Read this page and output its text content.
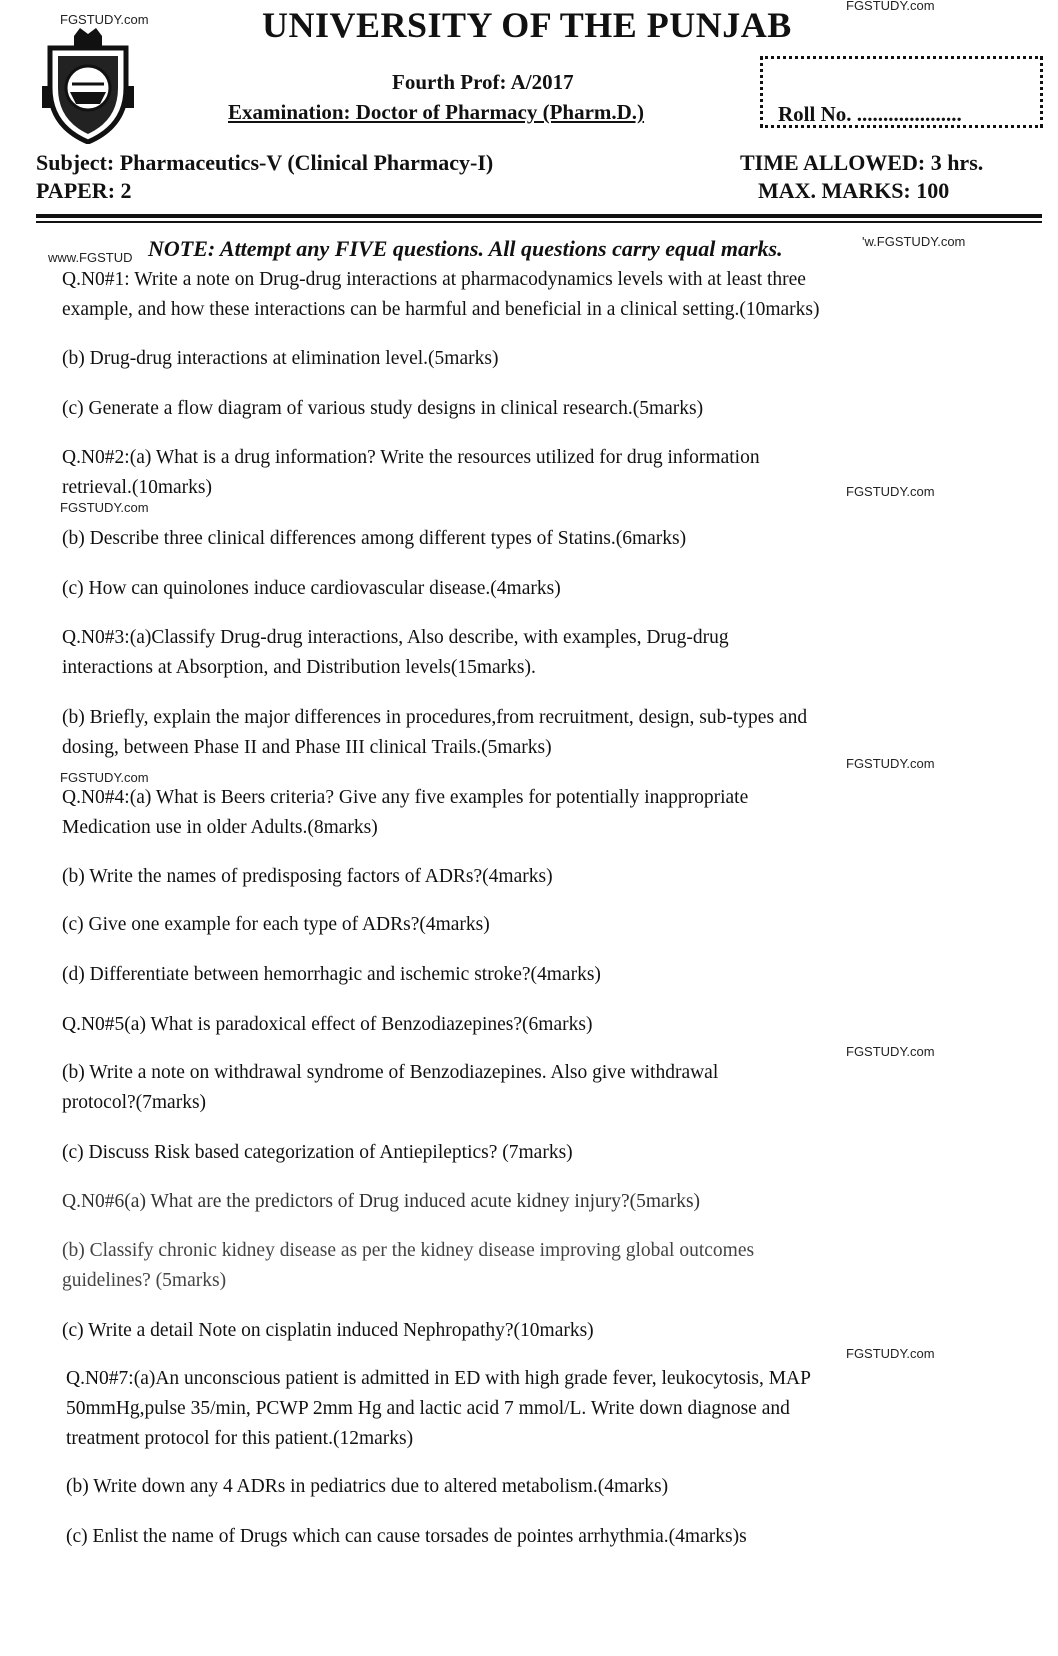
FGSTUDY.com
FGSTUDY.com
UNIVERSITY OF THE PUNJAB
Fourth Prof: A/2017
Examination: Doctor of Pharmacy (Pharm.D.)	Roll No. ....................
Subject: Pharmaceutics-V (Clinical Pharmacy-I)
PAPER: 2
TIME ALLOWED: 3 hrs.
MAX. MARKS: 100
www.FGSTUD NOTE: Attempt any FIVE questions. All questions carry equal marks.	'w.FGSTUDY.com
Q.N0#1: Write a note on Drug-drug interactions at pharmacodynamics levels with at least three
example, and how these interactions can be harmful and beneficial in a clinical setting.(10marks)
(b) Drug-drug interactions at elimination level.(5marks)
(c) Generate a flow diagram of various study designs in clinical research.(5marks)
Q.N0#2:(a) What is a drug information? Write the resources utilized for drug information
retrieval.(10marks)	FGSTUDY.com
FGSTUDY.com
(b) Describe three clinical differences among different types of Statins.(6marks)
(c) How can quinolones induce cardiovascular disease.(4marks)
Q.N0#3:(a)Classify Drug-drug interactions, Also describe, with examples, Drug-drug
interactions at Absorption, and Distribution levels(15marks).
(b) Briefly, explain the major differences in procedures,from recruitment, design, sub-types and
dosing, between Phase II and Phase III clinical Trails.(5marks)
FGSTUDY.com
FGSTUDY.com
Q.N0#4:(a) What is Beers criteria? Give any five examples for potentially inappropriate
Medication use in older Adults.(8marks)
(b) Write the names of predisposing factors of ADRs?(4marks)
(c) Give one example for each type of ADRs?(4marks)
(d) Differentiate between hemorrhagic and ischemic stroke?(4marks)
Q.N0#5(a) What is paradoxical effect of Benzodiazepines?(6marks)
FGSTUDY.com
(b) Write a note on withdrawal syndrome of Benzodiazepines. Also give withdrawal
protocol?(7marks)
(c) Discuss Risk based categorization of Antiepileptics? (7marks)
Q.N0#6(a) What are the predictors of Drug induced acute kidney injury?(5marks)
(b) Classify chronic kidney disease as per the kidney disease improving global outcomes
guidelines? (5marks)
(c) Write a detail Note on cisplatin induced Nephropathy?(10marks)
FGSTUDY.com
Q.N0#7:(a)An unconscious patient is admitted in ED with high grade fever, leukocytosis, MAP
50mmHg,pulse 35/min, PCWP 2mm Hg and lactic acid 7 mmol/L. Write down diagnose and
treatment protocol for this patient.(12marks)
(b) Write down any 4 ADRs in pediatrics due to altered metabolism.(4marks)
(c) Enlist the name of Drugs which can cause torsades de pointes arrhythmia.(4marks)s
